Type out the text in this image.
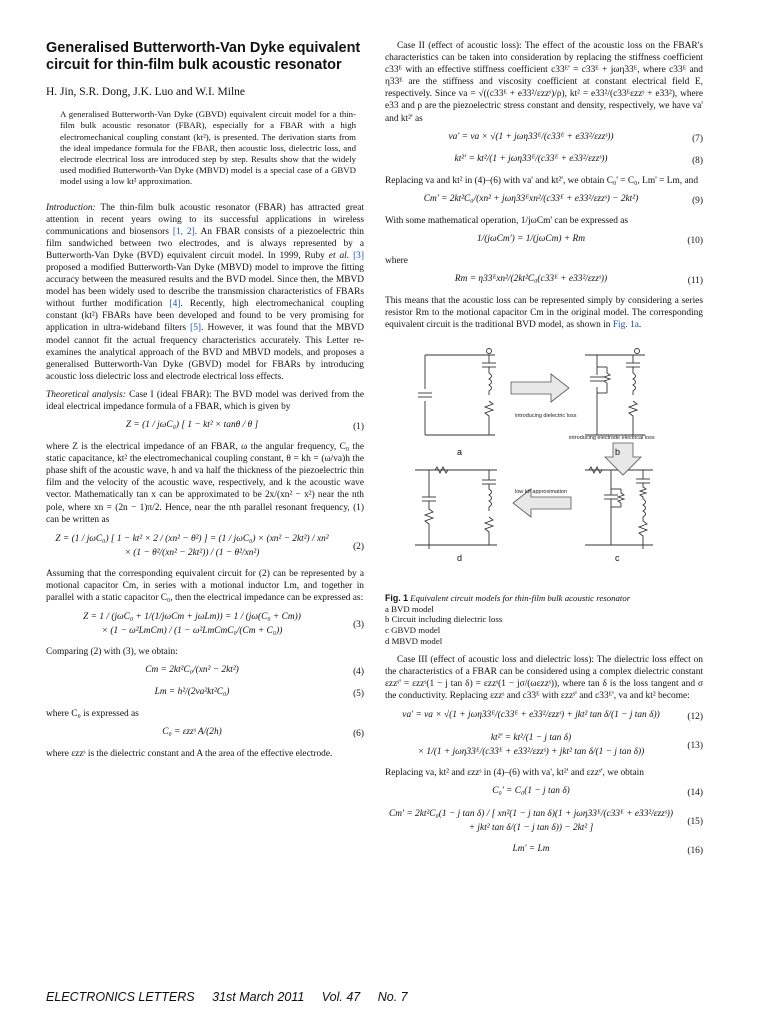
Generalised Butterworth-Van Dyke equivalent circuit for thin-film bulk acoustic resonator
H. Jin, S.R. Dong, J.K. Luo and W.I. Milne
A generalised Butterworth-Van Dyke (GBVD) equivalent circuit model for a thin-film bulk acoustic resonator (FBAR), especially for a FBAR with a high electromechanical coupling constant (kt²), is presented. The derivation starts from the ideal impedance formula for the FBAR, then acoustic loss, dielectric loss, and electrode electrical loss are introduced step by step. Results show that the widely used modified Butterworth-Van Dyke (MBVD) model is a special case of a GBVD model using a low kt² approximation.

Introduction: The thin-film bulk acoustic resonator (FBAR) has attracted great attention in recent years owing to its successful applications in wireless communications and biosensors [1, 2]. An FBAR consists of a piezoelectric thin film sandwiched between two electrodes, and is always represented by a Butterworth-Van Dyke (BVD) equivalent circuit model. In 1999, Ruby et al. [3] proposed a modified Butterworth-Van Dyke (MBVD) model to improve the fitting accuracy between the measured results and the BVD model. Since then, the MBVD model has been widely used to describe the transmission characteristics of FBARs without further modification [4]. Recently, high electromechanical coupling constant (kt²) FBARs have been developed and found to be very promising for application in ultra-wideband filters [5]. However, it was found that the MBVD model cannot fit the actual frequency characteristics accurately. This Letter re-examines the analytical approach of the BVD and MBVD models, and proposes a generalised Butterworth-Van Dyke (GBVD) model for FBARs by introducing acoustic loss dielectric loss and electrode electrical loss effects.

Theoretical analysis: Case I (ideal FBAR): The BVD model was derived from the ideal electrical impedance formula of a FBAR, which is given by

Z = (1 / jωC₀) [ 1 − kt² × tanθ / θ ]	(1)

where Z is the electrical impedance of an FBAR, ω the angular frequency, C₀ the static capacitance, kt² the electromechanical coupling constant, θ = kh = (ω/va)h the phase shift of the acoustic wave, h and va half the thickness of the piezoelectric thin film and the velocity of the acoustic wave, respectively, and k the acoustic wave vector. Mathematically tan x can be approximated to be 2x/(xn² − x²) near the nth pole, where xn = (2n − 1)π/2. Hence, near the nth parallel resonant frequency, (1) can be written as

Z = (1 / jωC₀) [ 1 − kt² × 2 / (xn² − θ²) ] = (1 / jωC₀) × (xn² − 2kt²) / xn²
× (1 − θ²/(xn² − 2kt²)) / (1 − θ²/xn²)
(2)

Assuming that the corresponding equivalent circuit for (2) can be represented by a motional capacitor Cm, in series with a motional inductor Lm, and together in parallel with a static capacitor C₀, then the electrical impedance can be expressed as:

Z = 1 / (jωC₀ + 1/(1/jωCm + jωLm)) = 1 / (jω(C₀ + Cm))
× (1 − ω²LmCm) / (1 − ω²LmCmC₀/(Cm + C₀))
(3)

Comparing (2) with (3), we obtain:

Cm = 2kt²C₀/(xn² − 2kt²)	(4)
Lm = h²/(2va²kt²C₀)	(5)

where C₀ is expressed as

C₀ = εzzˢ A/(2h)	(6)

where εzzˢ is the dielectric constant and A the area of the effective electrode.

Case II (effect of acoustic loss): The effect of the acoustic loss on the FBAR's characteristics can be taken into consideration by replacing the stiffness coefficient c33ᴱ with an effective stiffness coefficient c33ᴱ' = c33ᴱ + jωη33ᴱ, where c33ᴱ and η33ᴱ are the stiffness and viscosity coefficient at constant electrical field E, respectively. Since va = √((c33ᴱ + e33²/εzzˢ)/ρ), kt² = e33²/(c33ᴱεzzˢ + e33²), where e33 and ρ are the piezoelectric stress constant and density, respectively, we have va' and kt²' as

va' = va × √(1 + jωη33ᴱ/(c33ᴱ + e33²/εzzˢ))	(7)
kt²' = kt²/(1 + jωη33ᴱ/(c33ᴱ + e33²/εzzˢ))	(8)

Replacing va and kt² in (4)–(6) with va' and kt²', we obtain C₀' = C₀, Lm' = Lm, and

Cm' = 2kt²C₀/(xn² + jωη33ᴱxn²/(c33ᴱ + e33²/εzzˢ) − 2kt²)	(9)

With some mathematical operation, 1/jωCm' can be expressed as

1/(jωCm') = 1/(jωCm) + Rm	(10)

where

Rm = η33ᴱxn²/(2kt²C₀(c33ᴱ + e33²/εzzˢ))	(11)

This means that the acoustic loss can be represented simply by considering a series resistor Rm to the motional capacitor Cm in the original model. The corresponding equivalent circuit is the traditional BVD model, as shown in Fig. 1a.

a	b
c
d
introducing dielectric loss
introducing electrode electrical loss
low kt² approximation
Fig. 1 Equivalent circuit models for thin-film bulk acoustic resonator
a BVD model
b Circuit including dielectric loss
c GBVD model
d MBVD model

Case III (effect of acoustic loss and dielectric loss): The dielectric loss effect on the characteristics of a FBAR can be considered using a complex dielectric constant εzzˢ' = εzzˢ(1 − j tan δ) = εzzˢ(1 − jσ/(ωεzzˢ)), where tan δ is the loss tangent and σ the conductivity. Replacing εzzˢ and c33ᴱ with εzzˢ' and c33ᴱ', va and kt² become:

va' = va × √(1 + jωη33ᴱ/(c33ᴱ + e33²/εzzˢ) + jkt² tan δ/(1 − j tan δ))	(12)
kt²' = kt²/(1 − j tan δ)
× 1/(1 + jωη33ᴱ/(c33ᴱ + e33²/εzzˢ) + jkt² tan δ/(1 − j tan δ))
(13)

Replacing va, kt² and εzzˢ in (4)–(6) with va', kt²' and εzzˢ', we obtain

C₀' = C₀(1 − j tan δ)	(14)
Cm' = 2kt²C₀(1 − j tan δ) / [ xn²(1 − j tan δ)(1 + jωη33ᴱ/(c33ᴱ + e33²/εzzˢ))
+ jkt² tan δ/(1 − j tan δ)) − 2kt² ]
(15)
Lm' = Lm	(16)
ELECTRONICS LETTERS 31st March 2011 Vol. 47 No. 7
